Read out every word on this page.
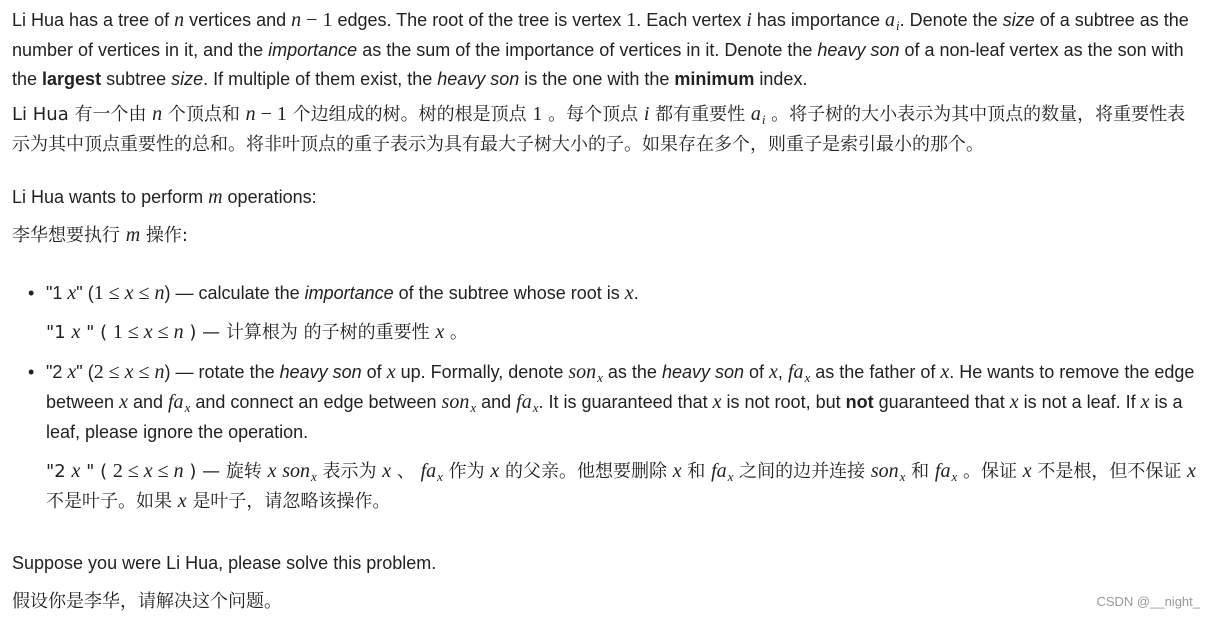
Li Hua has a tree of n vertices and n − 1 edges. The root of the tree is vertex 1. Each vertex i has importance $a_i$. Denote the size of a subtree as the number of vertices in it, and the importance as the sum of the importance of vertices in it. Denote the heavy son of a non-leaf vertex as the son with the largest subtree size. If multiple of them exist, the heavy son is the one with the minimum index.

Li Hua 有一个由 n 个顶点和 n − 1 个边组成的树。树的根是顶点 1 。每个顶点 i 都有重要性 $a_i$ 。将子树的大小表示为其中顶点的数量，将重要性表示为其中顶点重要性的总和。将非叶顶点的重子表示为具有最大子树大小的子。如果存在多个，则重子是索引最小的那个。

Li Hua wants to perform m operations:

李华想要执行 m 操作:

• "1 x" (1 ≤ x ≤ n) — calculate the importance of the subtree whose root is x.

"1 x " ( 1 ≤ x ≤ n ) — 计算根为 的子树的重要性 x 。

• "2 x" (2 ≤ x ≤ n) — rotate the heavy son of x up. Formally, denote son$_x$ as the heavy son of x, $fa_x$ as the father of x. He wants to remove the edge between x and $fa_x$ and connect an edge between son$_x$ and $fa_x$. It is guaranteed that x is not root, but not guaranteed that x is not a leaf. If x is a leaf, please ignore the operation.

"2 x " ( 2 ≤ x ≤ n ) — 旋转 x son$_x$ 表示为 x 、 $fa_x$ 作为 x 的父亲。他想要删除 x 和 $fa_x$ 之间的边并连接 son$_x$ 和 $fa_x$ 。保证 x 不是根，但不保证 x 不是叶子。如果 x 是叶子，请忽略该操作。

Suppose you were Li Hua, please solve this problem.

假设你是李华，请解决这个问题。	CSDN @__night_
